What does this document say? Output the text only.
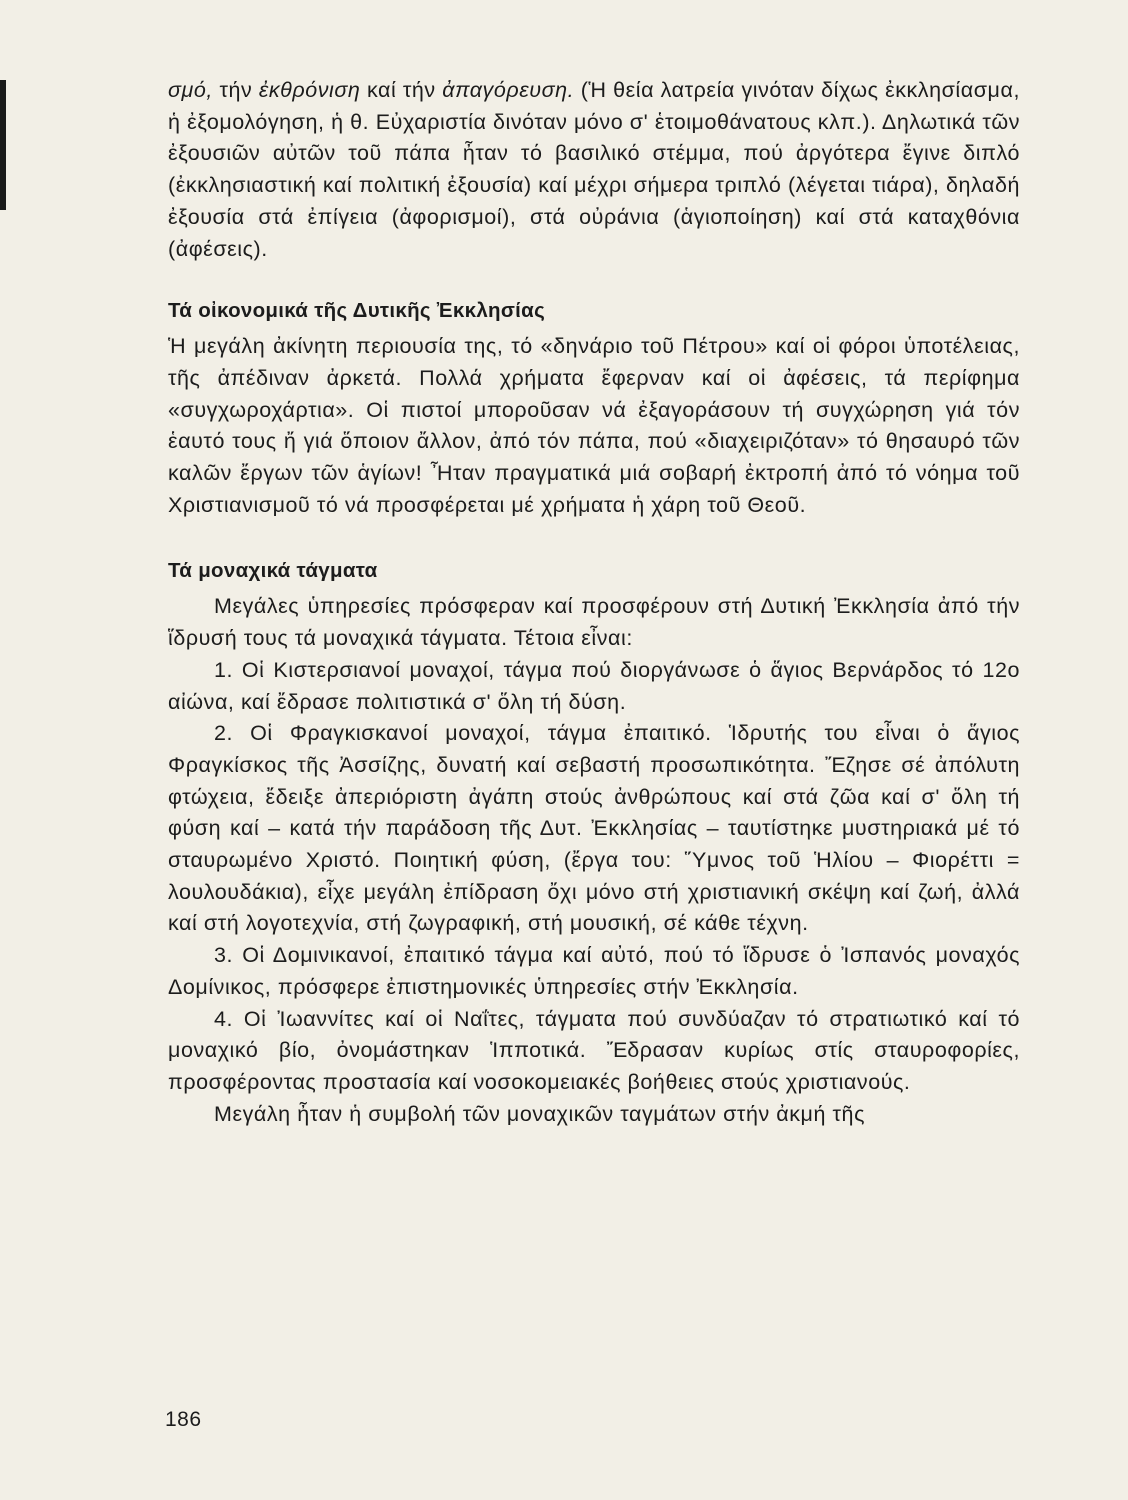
σμό, τήν ἐκθρόνιση καί τήν ἀπαγόρευση. (Ἡ θεία λατρεία γινόταν δίχως ἐκκλησίασμα, ἡ ἐξομολόγηση, ἡ θ. Εὐχαριστία δινόταν μόνο σ' ἑτοιμοθάνατους κλπ.). Δηλωτικά τῶν ἐξουσιῶν αὐτῶν τοῦ πάπα ἦταν τό βασιλικό στέμμα, πού ἀργότερα ἔγινε διπλό (ἐκκλησιαστική καί πολιτική ἐξουσία) καί μέχρι σήμερα τριπλό (λέγεται τιάρα), δηλαδή ἐξουσία στά ἐπίγεια (ἀφορισμοί), στά οὐράνια (ἁγιοποίηση) καί στά καταχθόνια (ἀφέσεις).

Τά οἰκονομικά τῆς Δυτικῆς Ἐκκλησίας

Ἡ μεγάλη ἀκίνητη περιουσία της, τό «δηνάριο τοῦ Πέτρου» καί οἱ φόροι ὑποτέλειας, τῆς ἀπέδιναν ἀρκετά. Πολλά χρήματα ἔφερναν καί οἱ ἀφέσεις, τά περίφημα «συγχωροχάρτια». Οἱ πιστοί μποροῦσαν νά ἐξαγοράσουν τή συγχώρηση γιά τόν ἑαυτό τους ἤ γιά ὅποιον ἄλλον, ἀπό τόν πάπα, πού «διαχειριζόταν» τό θησαυρό τῶν καλῶν ἔργων τῶν ἁγίων! Ἦταν πραγματικά μιά σοβαρή ἐκτροπή ἀπό τό νόημα τοῦ Χριστιανισμοῦ τό νά προσφέρεται μέ χρήματα ἡ χάρη τοῦ Θεοῦ.

Τά μοναχικά τάγματα

Μεγάλες ὑπηρεσίες πρόσφεραν καί προσφέρουν στή Δυτική Ἐκκλησία ἀπό τήν ἵδρυσή τους τά μοναχικά τάγματα. Τέτοια εἶναι:

1. Οἱ Κιστερσιανοί μοναχοί, τάγμα πού διοργάνωσε ὁ ἅγιος Βερνάρδος τό 12ο αἰώνα, καί ἔδρασε πολιτιστικά σ' ὅλη τή δύση.

2. Οἱ Φραγκισκανοί μοναχοί, τάγμα ἐπαιτικό. Ἱδρυτής του εἶναι ὁ ἅγιος Φραγκίσκος τῆς Ἀσσίζης, δυνατή καί σεβαστή προσωπικότητα. Ἔζησε σέ ἀπόλυτη φτώχεια, ἔδειξε ἀπεριόριστη ἀγάπη στούς ἀνθρώπους καί στά ζῶα καί σ' ὅλη τή φύση καί – κατά τήν παράδοση τῆς Δυτ. Ἐκκλησίας – ταυτίστηκε μυστηριακά μέ τό σταυρωμένο Χριστό. Ποιητική φύση, (ἔργα του: Ὕμνος τοῦ Ἡλίου – Φιορέττι = λουλουδάκια), εἶχε μεγάλη ἐπίδραση ὄχι μόνο στή χριστιανική σκέψη καί ζωή, ἀλλά καί στή λογοτεχνία, στή ζωγραφική, στή μουσική, σέ κάθε τέχνη.

3. Οἱ Δομινικανοί, ἐπαιτικό τάγμα καί αὐτό, πού τό ἵδρυσε ὁ Ἰσπανός μοναχός Δομίνικος, πρόσφερε ἐπιστημονικές ὑπηρεσίες στήν Ἐκκλησία.

4. Οἱ Ἰωαννίτες καί οἱ Ναΐτες, τάγματα πού συνδύαζαν τό στρατιωτικό καί τό μοναχικό βίο, ὀνομάστηκαν Ἱπποτικά. Ἔδρασαν κυρίως στίς σταυροφορίες, προσφέροντας προστασία καί νοσοκομειακές βοήθειες στούς χριστιανούς.

Μεγάλη ἦταν ἡ συμβολή τῶν μοναχικῶν ταγμάτων στήν ἀκμή τῆς

186
